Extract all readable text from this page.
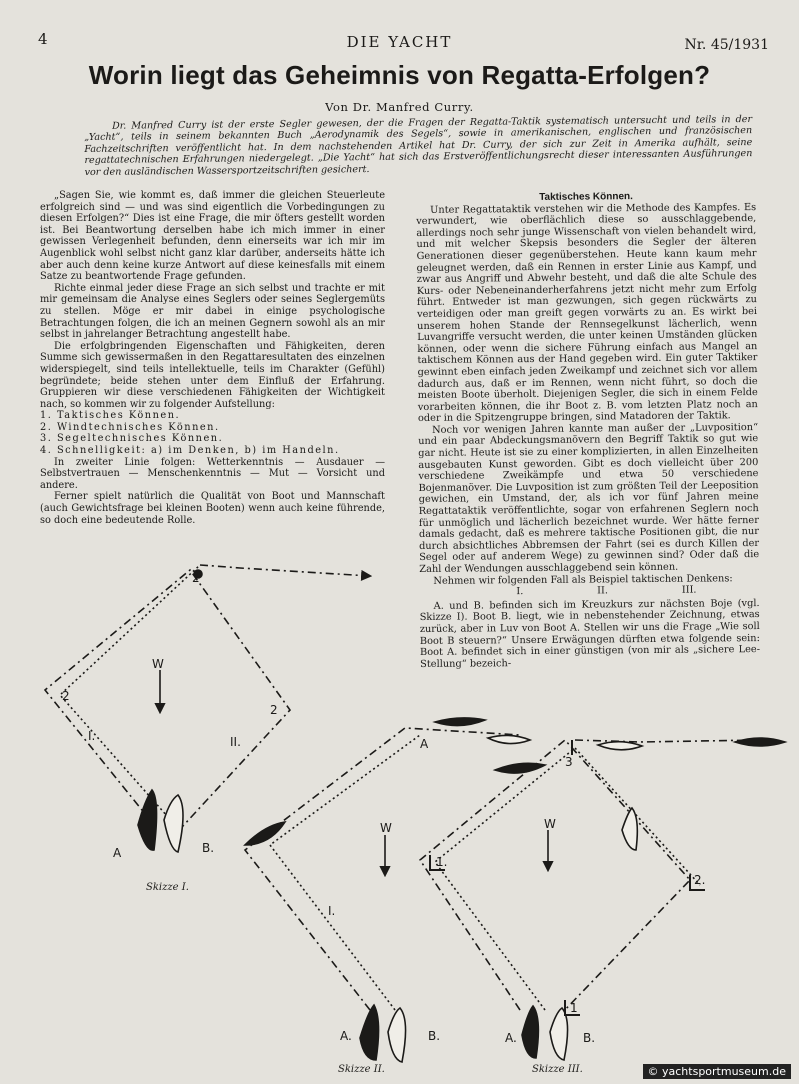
4	DIE YACHT	Nr. 45/1931
Worin liegt das Geheimnis von Regatta-Erfolgen?
Von Dr. Manfred Curry.

Dr. Manfred Curry ist der erste Segler gewesen, der die Fragen der Regatta-Taktik systematisch untersucht und teils in der „Yacht“, teils in seinem bekannten Buch „Aerodynamik des Segels“, sowie in amerikanischen, englischen und französischen Fachzeitschriften veröffentlicht hat. In dem nachstehenden Artikel hat Dr. Curry, der sich zur Zeit in Amerika aufhält, seine regattatechnischen Erfahrungen niedergelegt. „Die Yacht“ hat sich das Erstveröffentlichungsrecht dieser interessanten Ausführungen vor den ausländischen Wassersportzeitschriften gesichert.

„Sagen Sie, wie kommt es, daß immer die gleichen Steuerleute erfolgreich sind — und was sind eigentlich die Vorbedingungen zu diesen Erfolgen?“ Dies ist eine Frage, die mir öfters gestellt worden ist. Bei Beantwortung derselben habe ich mich immer in einer gewissen Verlegenheit befunden, denn einerseits war ich mir im Augenblick wohl selbst nicht ganz klar darüber, anderseits hätte ich aber auch denn keine kurze Antwort auf diese keinesfalls mit einem Satze zu beantwortende Frage gefunden.

Richte einmal jeder diese Frage an sich selbst und trachte er mit mir gemeinsam die Analyse eines Seglers oder seines Seglergemüts zu stellen. Möge er mir dabei in einige psychologische Betrachtungen folgen, die ich an meinen Gegnern sowohl als an mir selbst in jahrelanger Betrachtung angestellt habe.

Die erfolgbringenden Eigenschaften und Fähigkeiten, deren Summe sich gewissermaßen in den Regattaresultaten des einzelnen widerspiegelt, sind teils intellektuelle, teils im Charakter (Gefühl) begründete; beide stehen unter dem Einfluß der Erfahrung. Gruppieren wir diese verschiedenen Fähigkeiten der Wichtigkeit nach, so kommen wir zu folgender Aufstellung:

1. Taktisches Können.
2. Windtechnisches Können.
3. Segeltechnisches Können.
4. Schnelligkeit: a) im Denken, b) im Handeln.

In zweiter Linie folgen: Wetterkenntnis — Ausdauer — Selbstvertrauen — Menschenkenntnis — Mut — Vorsicht und andere.

Ferner spielt natürlich die Qualität von Boot und Mannschaft (auch Gewichtsfrage bei kleinen Booten) wenn auch keine führende, so doch eine bedeutende Rolle.

Taktisches Können.

Unter Regattataktik verstehen wir die Methode des Kampfes. Es verwundert, wie oberflächlich diese so ausschlaggebende, allerdings noch sehr junge Wissenschaft von vielen behandelt wird, und mit welcher Skepsis besonders die Segler der älteren Generationen dieser gegenüberstehen. Heute kann kaum mehr geleugnet werden, daß ein Rennen in erster Linie aus Kampf, und zwar aus Angriff und Abwehr besteht, und daß die alte Schule des Kurs- oder Nebeneinanderherfahrens jetzt nicht mehr zum Erfolg führt. Entweder ist man gezwungen, sich gegen rückwärts zu verteidigen oder man greift gegen vorwärts zu an. Es wirkt bei unserem hohen Stande der Rennsegelkunst lächerlich, wenn Luvangriffe versucht werden, die unter keinen Umständen glücken können, oder wenn die sichere Führung einfach aus Mangel an taktischem Können aus der Hand gegeben wird. Ein guter Taktiker gewinnt eben einfach jeden Zweikampf und zeichnet sich vor allem dadurch aus, daß er im Rennen, wenn nicht führt, so doch die meisten Boote überholt. Diejenigen Segler, die sich in einem Felde vorarbeiten können, die ihr Boot z. B. vom letzten Platz noch an oder in die Spitzengruppe bringen, sind Matadoren der Taktik.

Noch vor wenigen Jahren kannte man außer der „Luvposition“ und ein paar Abdeckungsmanövern den Begriff Taktik so gut wie gar nicht. Heute ist sie zu einer komplizierten, in allen Einzelheiten ausgebauten Kunst geworden. Gibt es doch vielleicht über 200 verschiedene Zweikämpfe und etwa 50 verschiedene Bojenmanöver. Die Luvposition ist zum größten Teil der Leeposition gewichen, ein Umstand, der, als ich vor fünf Jahren meine Regattataktik veröffentlichte, sogar von erfahrenen Seglern noch für unmöglich und lächerlich bezeichnet wurde. Wer hätte ferner damals gedacht, daß es mehrere taktische Positionen gibt, die nur durch absichtliches Abbremsen der Fahrt (sei es durch Killen der Segel oder auf anderem Wege) zu gewinnen sind? Oder daß die Zahl der Wendungen ausschlaggebend sein können.

Nehmen wir folgenden Fall als Beispiel taktischen Denkens:

I.	II.	III.

A. und B. befinden sich im Kreuzkurs zur nächsten Boje (vgl. Skizze I). Boot B. liegt, wie in nebenstehender Zeichnung, etwas zurück, aber in Luv von Boot A. Stellen wir uns die Frage „Wie soll Boot B steuern?“ Unsere Erwägungen dürften etwa folgende sein: Boot A. befindet sich in einer günstigen (von mir als „sichere Lee-Stellung“ bezeich-

A	B.
W
I.	II.
2
2
2
Skizze I.
A.	B.
W
I.
A
Skizze II.
A.	B.
W
1.
2.
3
1
Skizze III.	© yachtsportmuseum.de
